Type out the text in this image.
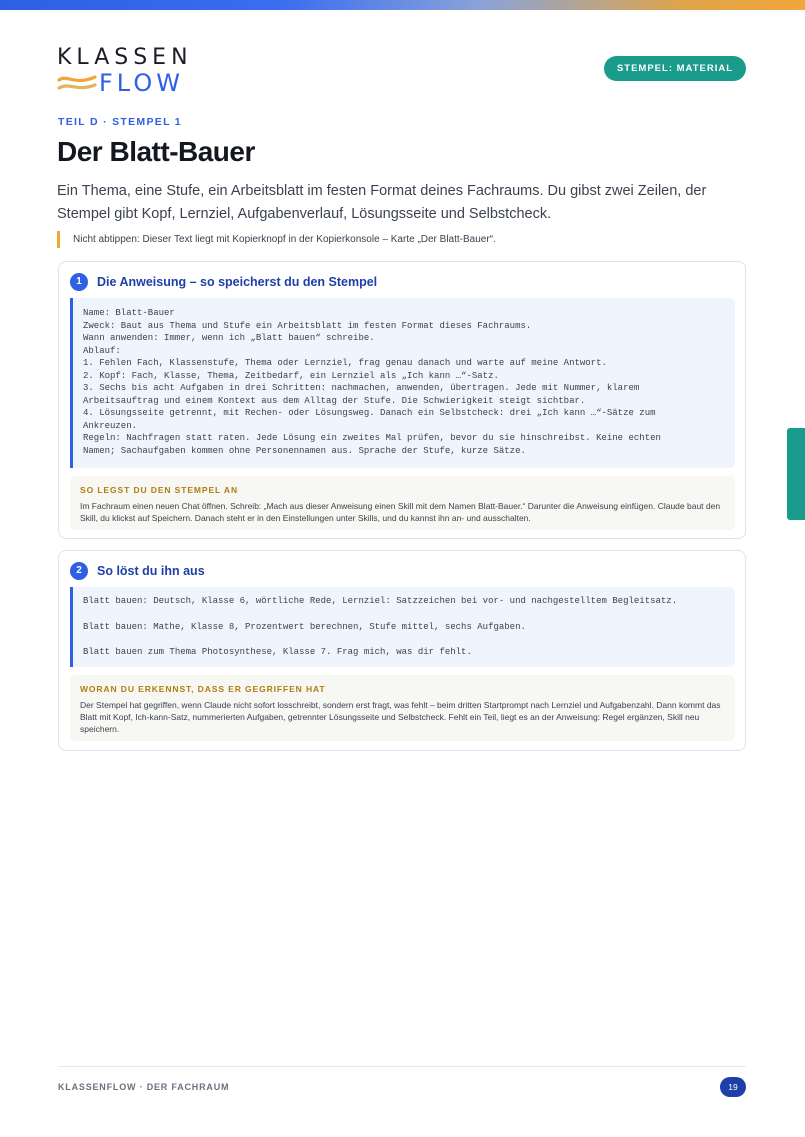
KLASSEN
FLOW
STEMPEL: MATERIAL
TEIL D · STEMPEL 1
Der Blatt-Bauer

Ein Thema, eine Stufe, ein Arbeitsblatt im festen Format deines Fachraums. Du gibst zwei Zeilen, der Stempel gibt Kopf, Lernziel, Aufgabenverlauf, Lösungsseite und Selbstcheck.

Nicht abtippen: Dieser Text liegt mit Kopierknopf in der Kopierkonsole – Karte „Der Blatt-Bauer“.
1	Die Anweisung – so speicherst du den Stempel
Name: Blatt-Bauer
Zweck: Baut aus Thema und Stufe ein Arbeitsblatt im festen Format dieses Fachraums.
Wann anwenden: Immer, wenn ich „Blatt bauen“ schreibe.
Ablauf:
1. Fehlen Fach, Klassenstufe, Thema oder Lernziel, frag genau danach und warte auf meine Antwort.
2. Kopf: Fach, Klasse, Thema, Zeitbedarf, ein Lernziel als „Ich kann …“-Satz.
3. Sechs bis acht Aufgaben in drei Schritten: nachmachen, anwenden, übertragen. Jede mit Nummer, klarem
Arbeitsauftrag und einem Kontext aus dem Alltag der Stufe. Die Schwierigkeit steigt sichtbar.
4. Lösungsseite getrennt, mit Rechen- oder Lösungsweg. Danach ein Selbstcheck: drei „Ich kann …“-Sätze zum
Ankreuzen.
Regeln: Nachfragen statt raten. Jede Lösung ein zweites Mal prüfen, bevor du sie hinschreibst. Keine echten
Namen; Sachaufgaben kommen ohne Personennamen aus. Sprache der Stufe, kurze Sätze.
SO LEGST DU DEN STEMPEL AN
Im Fachraum einen neuen Chat öffnen. Schreib: „Mach aus dieser Anweisung einen Skill mit dem Namen Blatt-Bauer.“ Darunter die Anweisung einfügen. Claude baut den Skill, du klickst auf Speichern. Danach steht er in den Einstellungen unter Skills, und du kannst ihn an- und ausschalten.
2	So löst du ihn aus
Blatt bauen: Deutsch, Klasse 6, wörtliche Rede, Lernziel: Satzzeichen bei vor- und nachgestelltem Begleitsatz.
Blatt bauen: Mathe, Klasse 8, Prozentwert berechnen, Stufe mittel, sechs Aufgaben.
Blatt bauen zum Thema Photosynthese, Klasse 7. Frag mich, was dir fehlt.
WORAN DU ERKENNST, DASS ER GEGRIFFEN HAT
Der Stempel hat gegriffen, wenn Claude nicht sofort losschreibt, sondern erst fragt, was fehlt – beim dritten Startprompt nach Lernziel und Aufgabenzahl. Dann kommt das Blatt mit Kopf, Ich-kann-Satz, nummerierten Aufgaben, getrennter Lösungsseite und Selbstcheck. Fehlt ein Teil, liegt es an der Anweisung: Regel ergänzen, Skill neu speichern.
KLASSENFLOW · DER FACHRAUM	19
